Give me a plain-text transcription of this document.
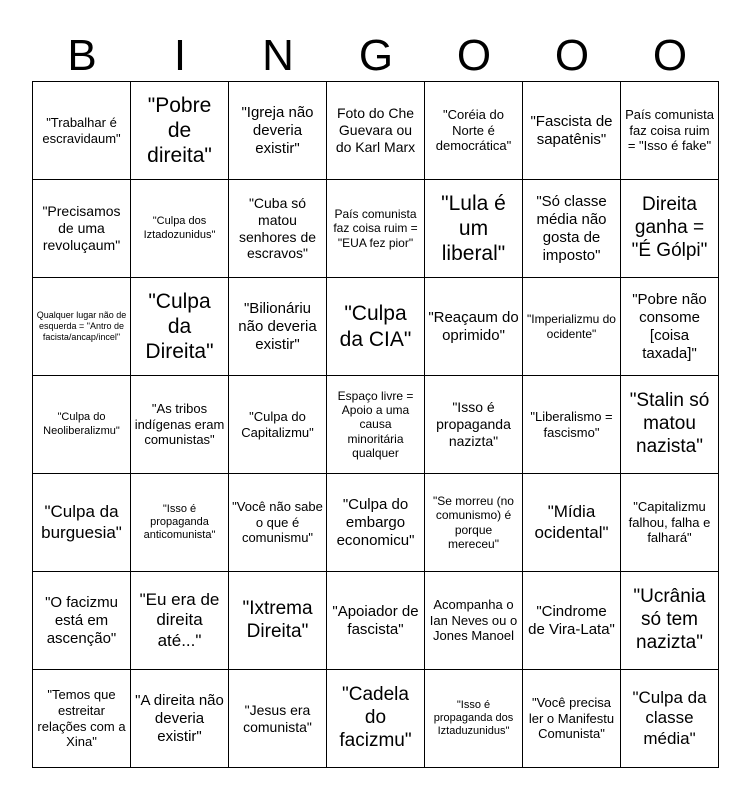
B	I	N	G	O	O	O
"Trabalhar é escravidaum"
"Pobre de direita"
"Igreja não deveria existir"
Foto do Che Guevara ou do Karl Marx
"Coréia do Norte é democrática"
"Fascista de sapatênis"
País comunista faz coisa ruim = "Isso é fake"
"Precisamos de uma revoluçaum"
"Culpa dos Iztadozunidus"
"Cuba só matou senhores de escravos"
País comunista faz coisa ruim = "EUA fez pior"
"Lula é um liberal"
"Só classe média não gosta de imposto"
Direita ganha = "É Gólpi"
Qualquer lugar não de esquerda = "Antro de facista/ancap/incel"
"Culpa da Direita"
"Bilionáriu não deveria existir"
"Culpa da CIA"
"Reaçaum do oprimido"
"Imperializmu do ocidente"
"Pobre não consome [coisa taxada]"
"Culpa do Neoliberalizmu"
"As tribos indígenas eram comunistas"
"Culpa do Capitalizmu"
Espaço livre = Apoio a uma causa minoritária qualquer
"Isso é propaganda nazizta"
"Liberalismo = fascismo"
"Stalin só matou nazista"
"Culpa da burguesia"
"Isso é propaganda anticomunista"
"Você não sabe o que é comunismu"
"Culpa do embargo economicu"
"Se morreu (no comunismo) é porque mereceu"
"Mídia ocidental"
"Capitalizmu falhou, falha e falhará"
"O facizmu está em ascenção"
"Eu era de direita até..."
"Ixtrema Direita"
"Apoiador de fascista"
Acompanha o Ian Neves ou o Jones Manoel
"Cindrome de Vira-Lata"
"Ucrânia só tem nazizta"
"Temos que estreitar relações com a Xina"
"A direita não deveria existir"
"Jesus era comunista"
"Cadela do facizmu"
"Isso é propaganda dos Iztaduzunidus"
"Você precisa ler o Manifestu Comunista"
"Culpa da classe média"
